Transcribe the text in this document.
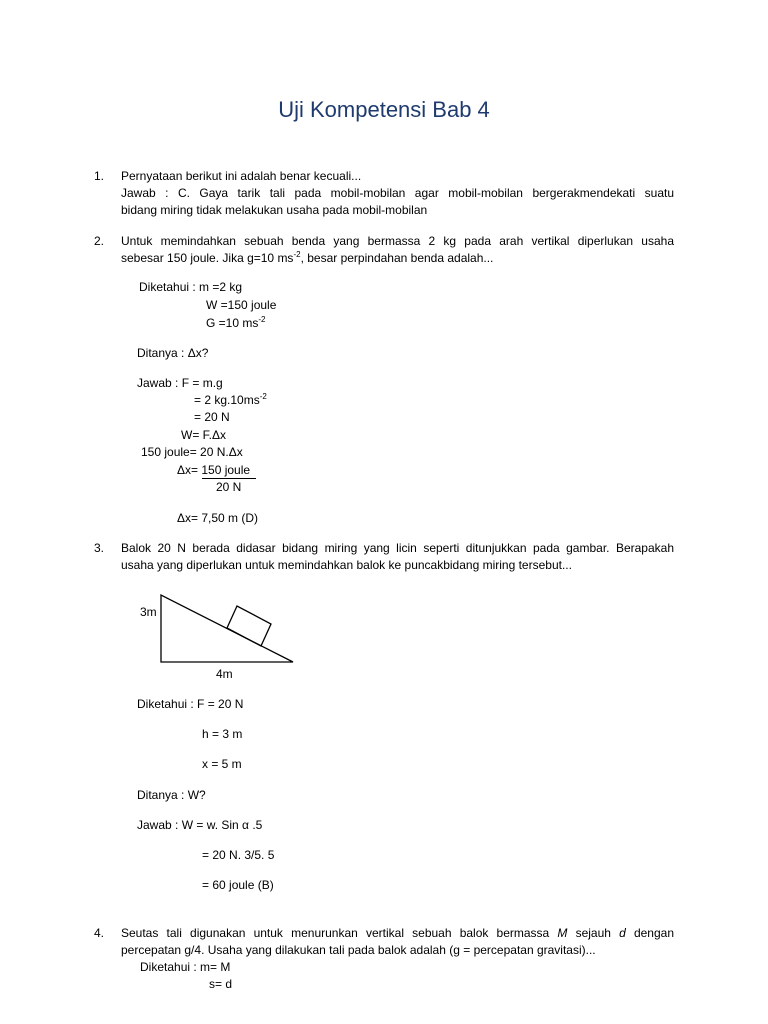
Uji Kompetensi Bab 4
1. Pernyataan berikut ini adalah benar kecuali...
Jawab : C. Gaya tarik tali pada mobil-mobilan agar mobil-mobilan bergerakmendekati suatu
bidang miring tidak melakukan usaha pada mobil-mobilan
2. Untuk memindahkan sebuah benda yang bermassa 2 kg pada arah vertikal diperlukan usaha
sebesar 150 joule. Jika g=10 $ms^{-2}$, besar perpindahan benda adalah...
Diketahui : m =2 kg
W =150 joule
G =10 $ms^{-2}$
Ditanya : Δx?
Jawab : F = m.g
= 2 $kg.10ms^{-2}$
= 20 N
W= F.Δx
150 joule= 20 N.Δx
Δx= 150 joule
20 N
Δx= 7,50 m (D)
3. Balok 20 N berada didasar bidang miring yang licin seperti ditunjukkan pada gambar. Berapakah
usaha yang diperlukan untuk memindahkan balok ke puncakbidang miring tersebut...
3m
4m
Diketahui : F = 20 N
h = 3 m
x = 5 m
Ditanya : W?
Jawab : W = w. Sin α .5
= 20 N. 3/5. 5
= 60 joule (B)
4. Seutas tali digunakan untuk menurunkan vertikal sebuah balok bermassa M sejauh d dengan
percepatan g/4. Usaha yang dilakukan tali pada balok adalah (g = percepatan gravitasi)...
Diketahui : m= M
s= d
